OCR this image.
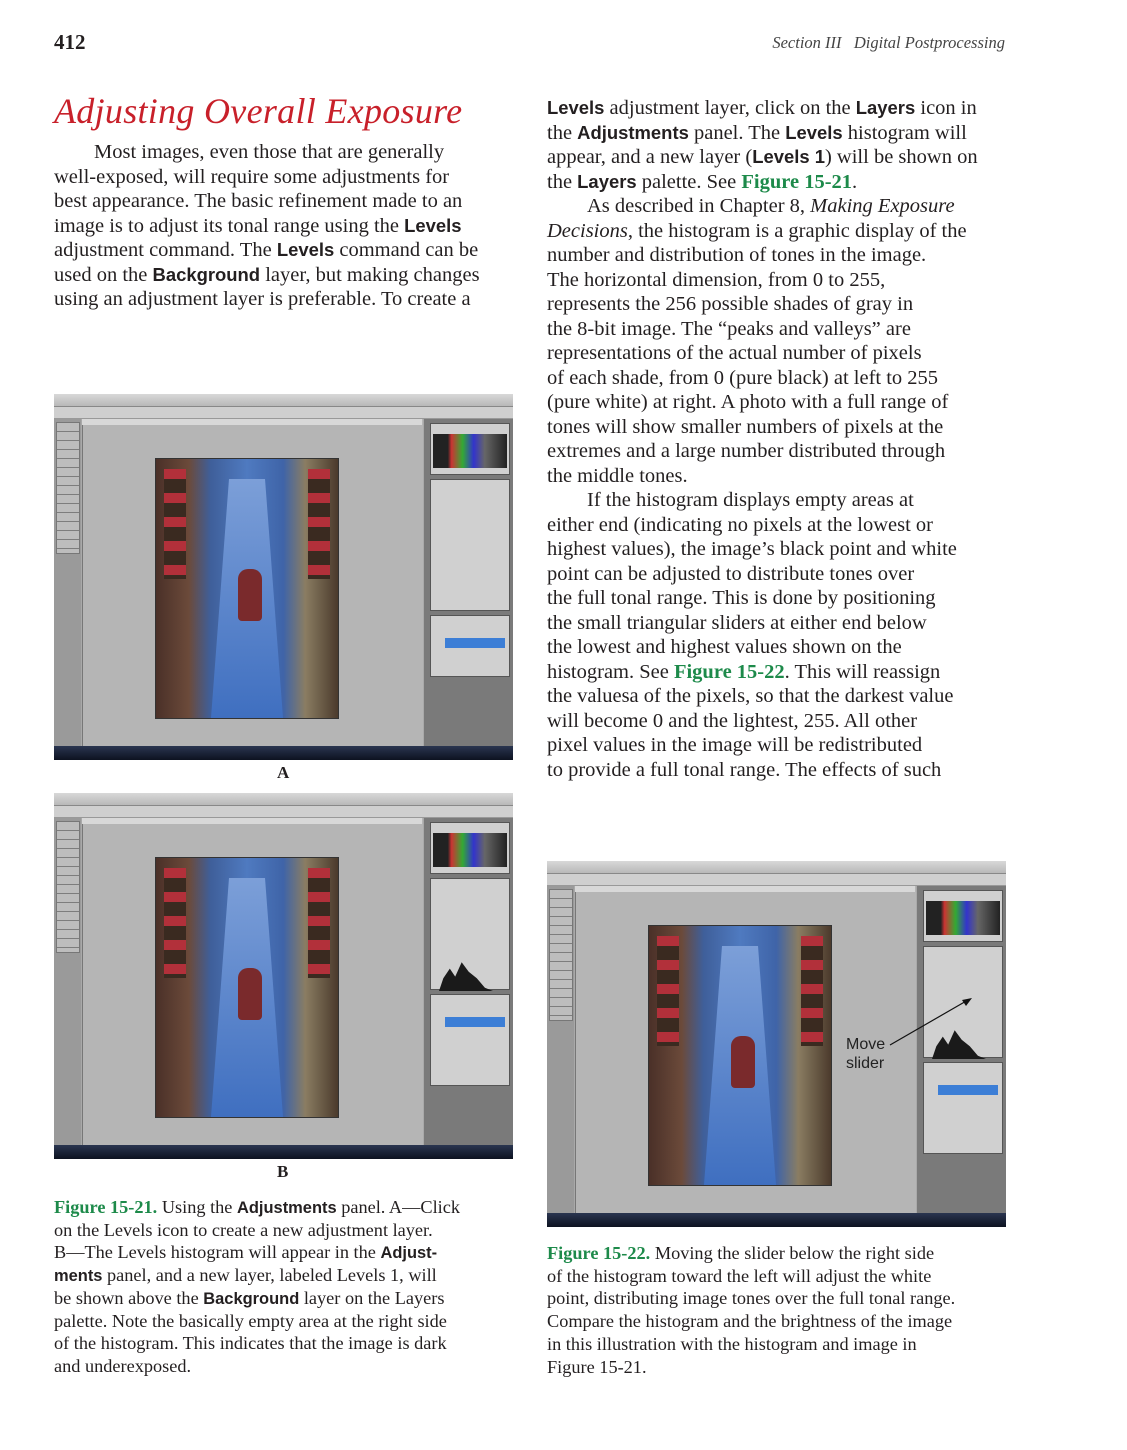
412	Section III   Digital Postprocessing
Adjusting Overall Exposure
Most images, even those that are generally
well-exposed, will require some adjustments for
best appearance. The basic refinement made to an
image is to adjust its tonal range using the Levels
adjustment command. The Levels command can be
used on the Background layer, but making changes
using an adjustment layer is preferable. To create a
Levels adjustment layer, click on the Layers icon in
the Adjustments panel. The Levels histogram will
appear, and a new layer (Levels 1) will be shown on
the Layers palette. See Figure 15-21.
As described in Chapter 8, Making Exposure
Decisions, the histogram is a graphic display of the
number and distribution of tones in the image.
The horizontal dimension, from 0 to 255,
represents the 256 possible shades of gray in
the 8-bit image. The “peaks and valleys” are
representations of the actual number of pixels
of each shade, from 0 (pure black) at left to 255
(pure white) at right. A photo with a full range of
tones will show smaller numbers of pixels at the
extremes and a large number distributed through
the middle tones.
If the histogram displays empty areas at
either end (indicating no pixels at the lowest or
highest values), the image’s black point and white
point can be adjusted to distribute tones over
the full tonal range. This is done by positioning
the small triangular sliders at either end below
the lowest and highest values shown on the
histogram. See Figure 15-22. This will reassign
the valuesa of the pixels, so that the darkest value
will become 0 and the lightest, 255. All other
pixel values in the image will be redistributed
to provide a full tonal range. The effects of such
A
B
Figure 15-21. Using the Adjustments panel. A—Click
on the Levels icon to create a new adjustment layer.
B—The Levels histogram will appear in the Adjust-
ments panel, and a new layer, labeled Levels 1, will
be shown above the Background layer on the Layers
palette. Note the basically empty area at the right side
of the histogram. This indicates that the image is dark
and underexposed.
Move
slider
Figure 15-22. Moving the slider below the right side
of the histogram toward the left will adjust the white
point, distributing image tones over the full tonal range.
Compare the histogram and the brightness of the image
in this illustration with the histogram and image in
Figure 15-21.
